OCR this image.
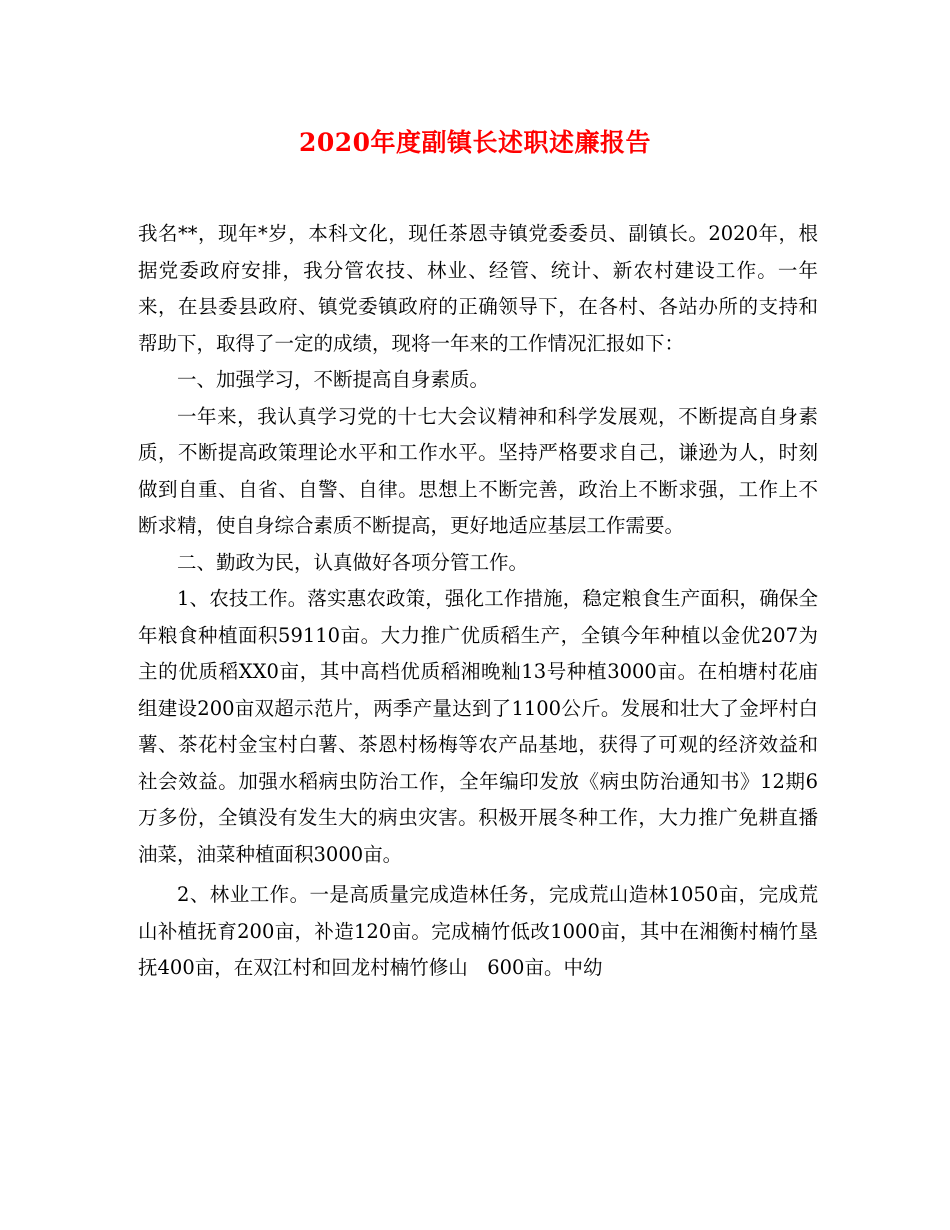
2020年度副镇长述职述廉报告

我名**，现年*岁，本科文化，现任茶恩寺镇党委委员、副镇长。2020年，根据党委政府安排，我分管农技、林业、经管、统计、新农村建设工作。一年来，在县委县政府、镇党委镇政府的正确领导下，在各村、各站办所的支持和帮助下，取得了一定的成绩，现将一年来的工作情况汇报如下：

一、加强学习，不断提高自身素质。

一年来，我认真学习党的十七大会议精神和科学发展观，不断提高自身素质，不断提高政策理论水平和工作水平。坚持严格要求自己，谦逊为人，时刻做到自重、自省、自警、自律。思想上不断完善，政治上不断求强，工作上不断求精，使自身综合素质不断提高，更好地适应基层工作需要。

二、勤政为民，认真做好各项分管工作。

1、农技工作。落实惠农政策，强化工作措施，稳定粮食生产面积，确保全年粮食种植面积59110亩。大力推广优质稻生产，全镇今年种植以金优207为主的优质稻XX0亩，其中高档优质稻湘晚籼13号种植3000亩。在柏塘村花庙组建设200亩双超示范片，两季产量达到了1100公斤。发展和壮大了金坪村白薯、茶花村金宝村白薯、茶恩村杨梅等农产品基地，获得了可观的经济效益和社会效益。加强水稻病虫防治工作，全年编印发放《病虫防治通知书》12期6万多份，全镇没有发生大的病虫灾害。积极开展冬种工作，大力推广免耕直播油菜，油菜种植面积3000亩。

2、林业工作。一是高质量完成造林任务，完成荒山造林1050亩，完成荒山补植抚育200亩，补造120亩。完成楠竹低改1000亩，其中在湘衡村楠竹垦抚400亩，在双江村和回龙村楠竹修山　600亩。中幼
